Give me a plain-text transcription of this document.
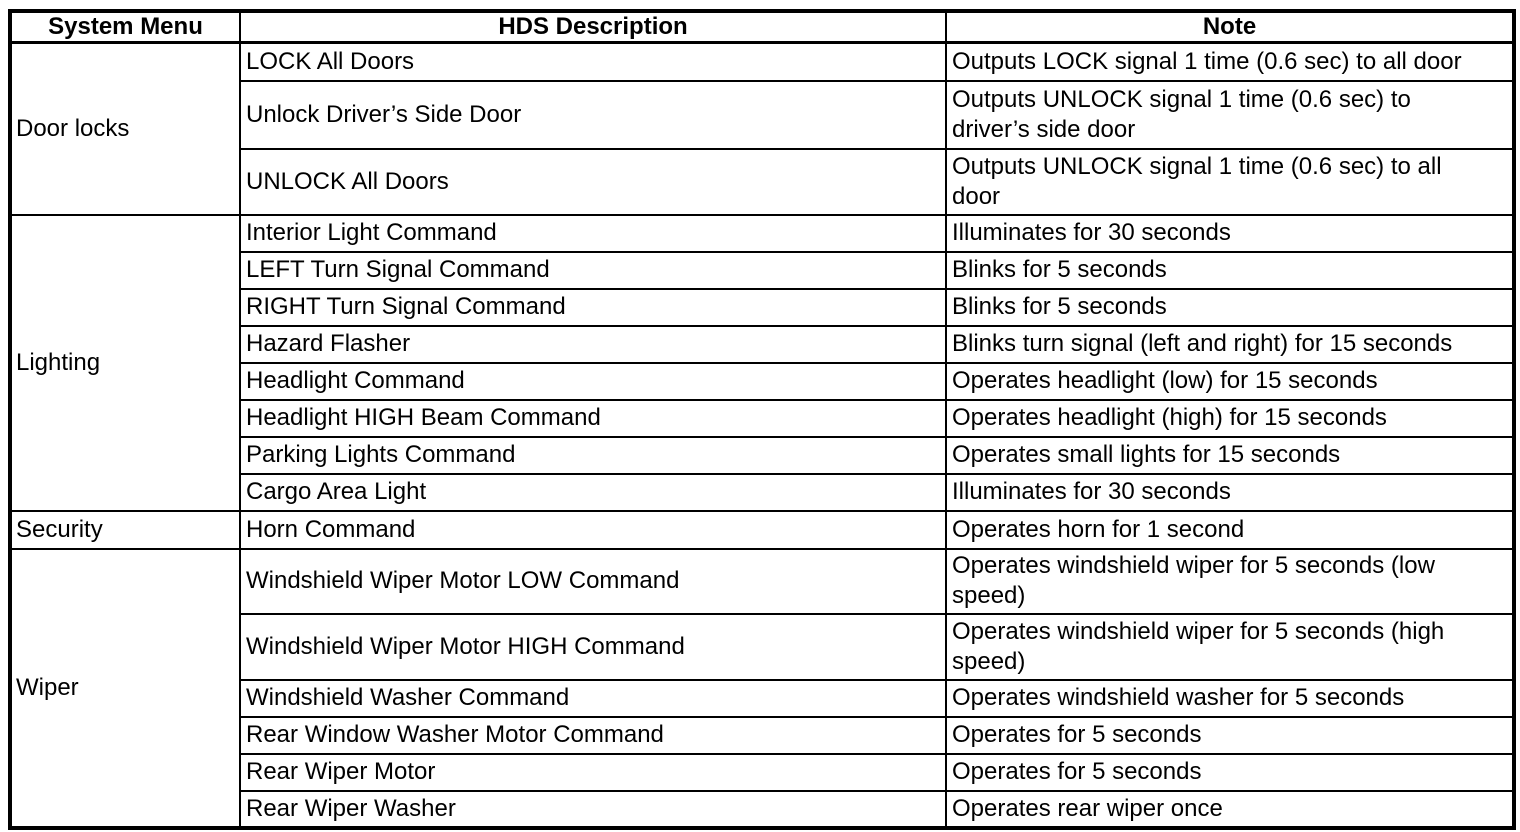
System Menu	HDS Description	Note
Door locks	LOCK All Doors	Outputs LOCK signal 1 time (0.6 sec) to all door
	Unlock Driver’s Side Door	Outputs UNLOCK signal 1 time (0.6 sec) to driver’s side door
	UNLOCK All Doors	Outputs UNLOCK signal 1 time (0.6 sec) to all door
Lighting	Interior Light Command	Illuminates for 30 seconds
	LEFT Turn Signal Command	Blinks for 5 seconds
	RIGHT Turn Signal Command	Blinks for 5 seconds
	Hazard Flasher	Blinks turn signal (left and right) for 15 seconds
	Headlight Command	Operates headlight (low) for 15 seconds
	Headlight HIGH Beam Command	Operates headlight (high) for 15 seconds
	Parking Lights Command	Operates small lights for 15 seconds
	Cargo Area Light	Illuminates for 30 seconds
Security	Horn Command	Operates horn for 1 second
Wiper	Windshield Wiper Motor LOW Command	Operates windshield wiper for 5 seconds (low speed)
	Windshield Wiper Motor HIGH Command	Operates windshield wiper for 5 seconds (high speed)
	Windshield Washer Command	Operates windshield washer for 5 seconds
	Rear Window Washer Motor Command	Operates for 5 seconds
	Rear Wiper Motor	Operates for 5 seconds
	Rear Wiper Washer	Operates rear wiper once
